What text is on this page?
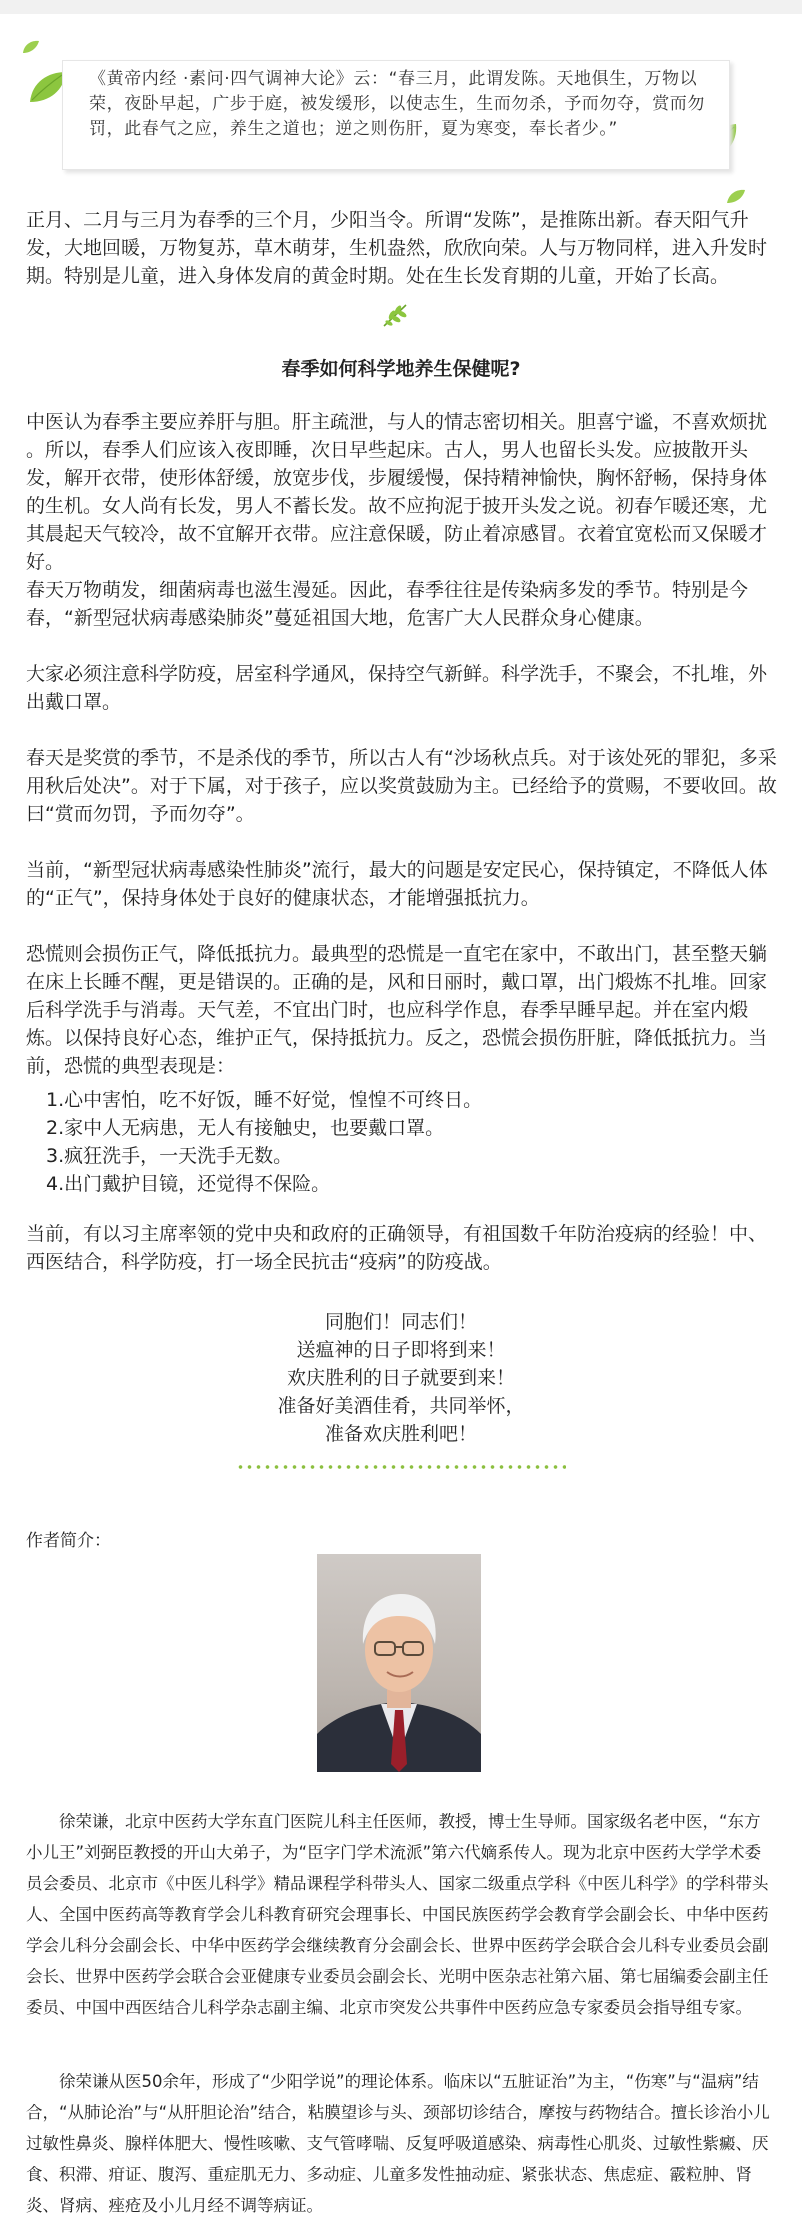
《黄帝内经 ·素问·四气调神大论》云：“春三月，此谓发陈。天地俱生，万物以荣，夜卧早起，广步于庭，被发缓形，以使志生，生而勿杀，予而勿夺，赏而勿罚，此春气之应，养生之道也；逆之则伤肝，夏为寒变，奉长者少。”

正月、二月与三月为春季的三个月，少阳当令。所谓“发陈”，是推陈出新。春天阳气升发，大地回暖，万物复苏，草木萌芽，生机盎然，欣欣向荣。人与万物同样，进入升发时期。特别是儿童，进入身体发肩的黄金时期。处在生长发育期的儿童，开始了长高。

春季如何科学地养生保健呢?

中医认为春季主要应养肝与胆。肝主疏泄，与人的情志密切相关。胆喜宁谧，不喜欢烦扰 。所以，春季人们应该入夜即睡，次日早些起床。古人，男人也留长头发。应披散开头发，解开衣带，使形体舒缓，放宽步伐，步履缓慢，保持精神愉快，胸怀舒畅，保持身体的生机。女人尚有长发，男人不蓄长发。故不应拘泥于披开头发之说。初春乍暖还寒，尤其晨起天气较冷，故不宜解开衣带。应注意保暖，防止着凉感冒。衣着宜宽松而又保暖才好。

春天万物萌发，细菌病毒也滋生漫延。因此，春季往往是传染病多发的季节。特别是今春，“新型冠状病毒感染肺炎”蔓延祖国大地，危害广大人民群众身心健康。

大家必须注意科学防疫，居室科学通风，保持空气新鲜。科学洗手，不聚会，不扎堆，外出戴口罩。

春天是奖赏的季节，不是杀伐的季节，所以古人有“沙场秋点兵。对于该处死的罪犯，多采用秋后处决”。对于下属，对于孩子，应以奖赏鼓励为主。已经给予的赏赐，不要收回。故曰“赏而勿罚，予而勿夺”。

当前，“新型冠状病毒感染性肺炎”流行，最大的问题是安定民心，保持镇定，不降低人体的“正气”，保持身体处于良好的健康状态，才能增强抵抗力。

恐慌则会损伤正气，降低抵抗力。最典型的恐慌是一直宅在家中，不敢出门，甚至整天躺在床上长睡不醒，更是错误的。正确的是，风和日丽时，戴口罩，出门煅炼不扎堆。回家后科学洗手与消毒。天气差，不宜出门时，也应科学作息，春季早睡早起。并在室内煅炼。以保持良好心态，维护正气，保持抵抗力。反之，恐慌会损伤肝脏，降低抵抗力。当前，恐慌的典型表现是：

1.心中害怕，吃不好饭，睡不好觉，惶惶不可终日。
2.家中人无病患，无人有接触史，也要戴口罩。
3.疯狂洗手，一天洗手无数。
4.出门戴护目镜，还觉得不保险。

当前，有以习主席率领的党中央和政府的正确领导，有祖国数千年防治疫病的经验！中、西医结合，科学防疫，打一场全民抗击“疫病”的防疫战。

同胞们！同志们！
送瘟神的日子即将到来！
欢庆胜利的日子就要到来！
准备好美酒佳肴，共同举怀，
准备欢庆胜利吧！

作者简介：

徐荣谦，北京中医药大学东直门医院儿科主任医师，教授，博士生导师。国家级名老中医，“东方小儿王”刘弼臣教授的开山大弟子，为“臣字门学术流派”第六代嫡系传人。现为北京中医药大学学术委员会委员、北京市《中医儿科学》精品课程学科带头人、国家二级重点学科《中医儿科学》的学科带头人、全国中医药高等教育学会儿科教育研究会理事长、中国民族医药学会教育学会副会长、中华中医药学会儿科分会副会长、中华中医药学会继续教育分会副会长、世界中医药学会联合会儿科专业委员会副会长、世界中医药学会联合会亚健康专业委员会副会长、光明中医杂志社第六届、第七届编委会副主任委员、中国中西医结合儿科学杂志副主编、北京市突发公共事件中医药应急专家委员会指导组专家。

徐荣谦从医50余年，形成了“少阳学说”的理论体系。临床以“五脏证治”为主，“伤寒”与“温病”结合，“从肺论治”与“从肝胆论治”结合，粘膜望诊与头、颈部切诊结合，摩按与药物结合。擅长诊治小儿过敏性鼻炎、腺样体肥大、慢性咳嗽、支气管哮喘、反复呼吸道感染、病毒性心肌炎、过敏性紫癜、厌食、积滞、疳证、腹泻、重症肌无力、多动症、儿童多发性抽动症、紧张状态、焦虑症、霰粒肿、肾炎、肾病、痤疮及小儿月经不调等病证。
